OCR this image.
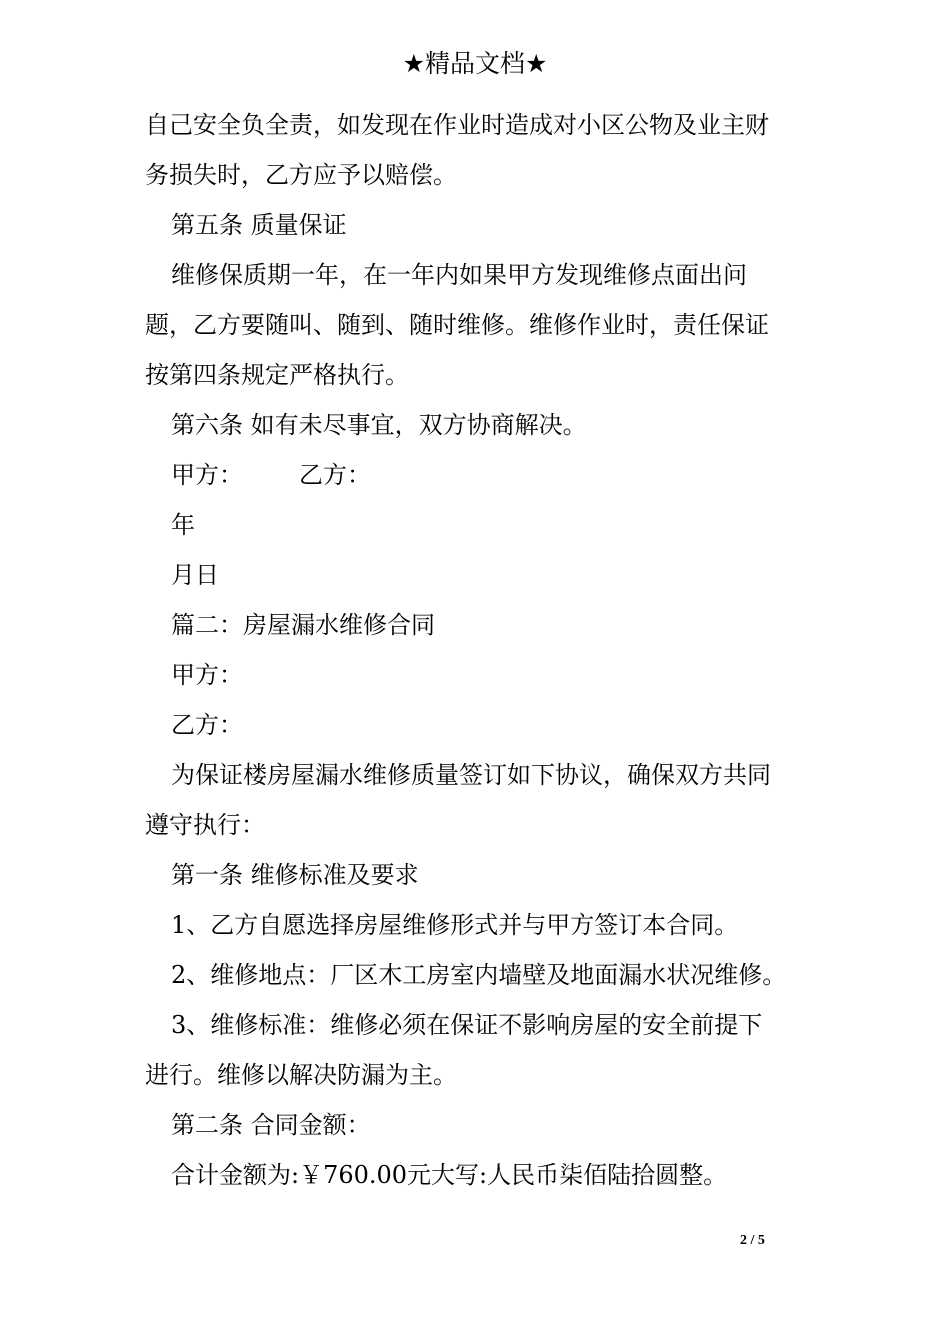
★精品文档★
自己安全负全责，如发现在作业时造成对小区公物及业主财
务损失时，乙方应予以赔偿。
第五条 质量保证
维修保质期一年，在一年内如果甲方发现维修点面出问
题，乙方要随叫、随到、随时维修。维修作业时，责任保证
按第四条规定严格执行。
第六条 如有未尽事宜，双方协商解决。
甲方： 乙方：
年
月日
篇二：房屋漏水维修合同
甲方：
乙方：
为保证楼房屋漏水维修质量签订如下协议，确保双方共同
遵守执行：
第一条 维修标准及要求
1、乙方自愿选择房屋维修形式并与甲方签订本合同。
2、维修地点：厂区木工房室内墙壁及地面漏水状况维修。
3、维修标准：维修必须在保证不影响房屋的安全前提下
进行。维修以解决防漏为主。
第二条 合同金额：
合计金额为:￥760.00元大写:人民币柒佰陆拾圆整。
2 / 5
